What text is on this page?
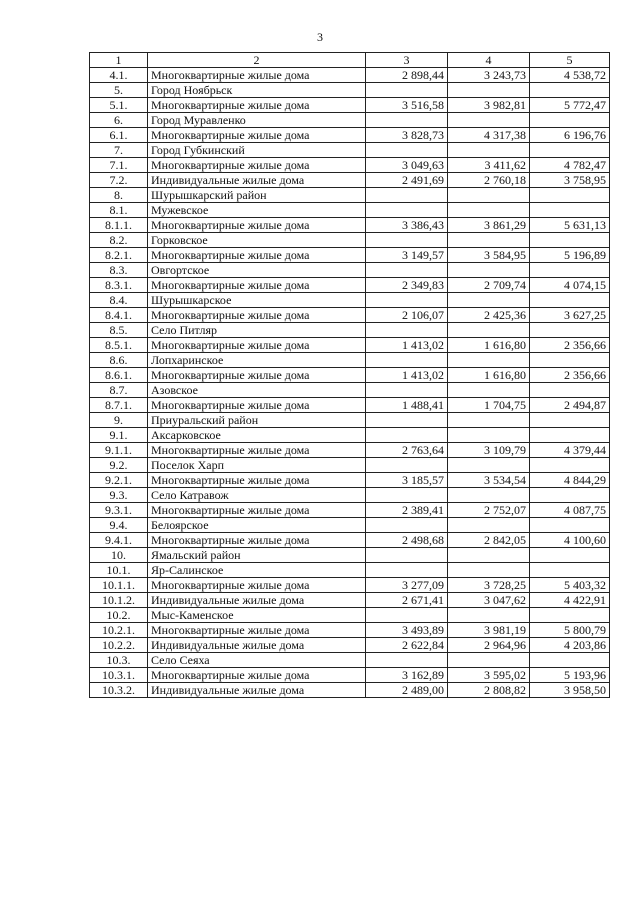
3
1	2	3	4	5
4.1.	Многоквартирные жилые дома	2 898,44	3 243,73	4 538,72
5.	Город Ноябрьск			
5.1.	Многоквартирные жилые дома	3 516,58	3 982,81	5 772,47
6.	Город Муравленко			
6.1.	Многоквартирные жилые дома	3 828,73	4 317,38	6 196,76
7.	Город Губкинский			
7.1.	Многоквартирные жилые дома	3 049,63	3 411,62	4 782,47
7.2.	Индивидуальные жилые дома	2 491,69	2 760,18	3 758,95
8.	Шурышкарский район			
8.1.	Мужевское			
8.1.1.	Многоквартирные жилые дома	3 386,43	3 861,29	5 631,13
8.2.	Горковское			
8.2.1.	Многоквартирные жилые дома	3 149,57	3 584,95	5 196,89
8.3.	Овгортское			
8.3.1.	Многоквартирные жилые дома	2 349,83	2 709,74	4 074,15
8.4.	Шурышкарское			
8.4.1.	Многоквартирные жилые дома	2 106,07	2 425,36	3 627,25
8.5.	Село Питляр			
8.5.1.	Многоквартирные жилые дома	1 413,02	1 616,80	2 356,66
8.6.	Лопхаринское			
8.6.1.	Многоквартирные жилые дома	1 413,02	1 616,80	2 356,66
8.7.	Азовское			
8.7.1.	Многоквартирные жилые дома	1 488,41	1 704,75	2 494,87
9.	Приуральский район			
9.1.	Аксарковское			
9.1.1.	Многоквартирные жилые дома	2 763,64	3 109,79	4 379,44
9.2.	Поселок Харп			
9.2.1.	Многоквартирные жилые дома	3 185,57	3 534,54	4 844,29
9.3.	Село Катравож			
9.3.1.	Многоквартирные жилые дома	2 389,41	2 752,07	4 087,75
9.4.	Белоярское			
9.4.1.	Многоквартирные жилые дома	2 498,68	2 842,05	4 100,60
10.	Ямальский район			
10.1.	Яр-Салинское			
10.1.1.	Многоквартирные жилые дома	3 277,09	3 728,25	5 403,32
10.1.2.	Индивидуальные жилые дома	2 671,41	3 047,62	4 422,91
10.2.	Мыс-Каменское			
10.2.1.	Многоквартирные жилые дома	3 493,89	3 981,19	5 800,79
10.2.2.	Индивидуальные жилые дома	2 622,84	2 964,96	4 203,86
10.3.	Село Сеяха			
10.3.1.	Многоквартирные жилые дома	3 162,89	3 595,02	5 193,96
10.3.2.	Индивидуальные жилые дома	2 489,00	2 808,82	3 958,50
